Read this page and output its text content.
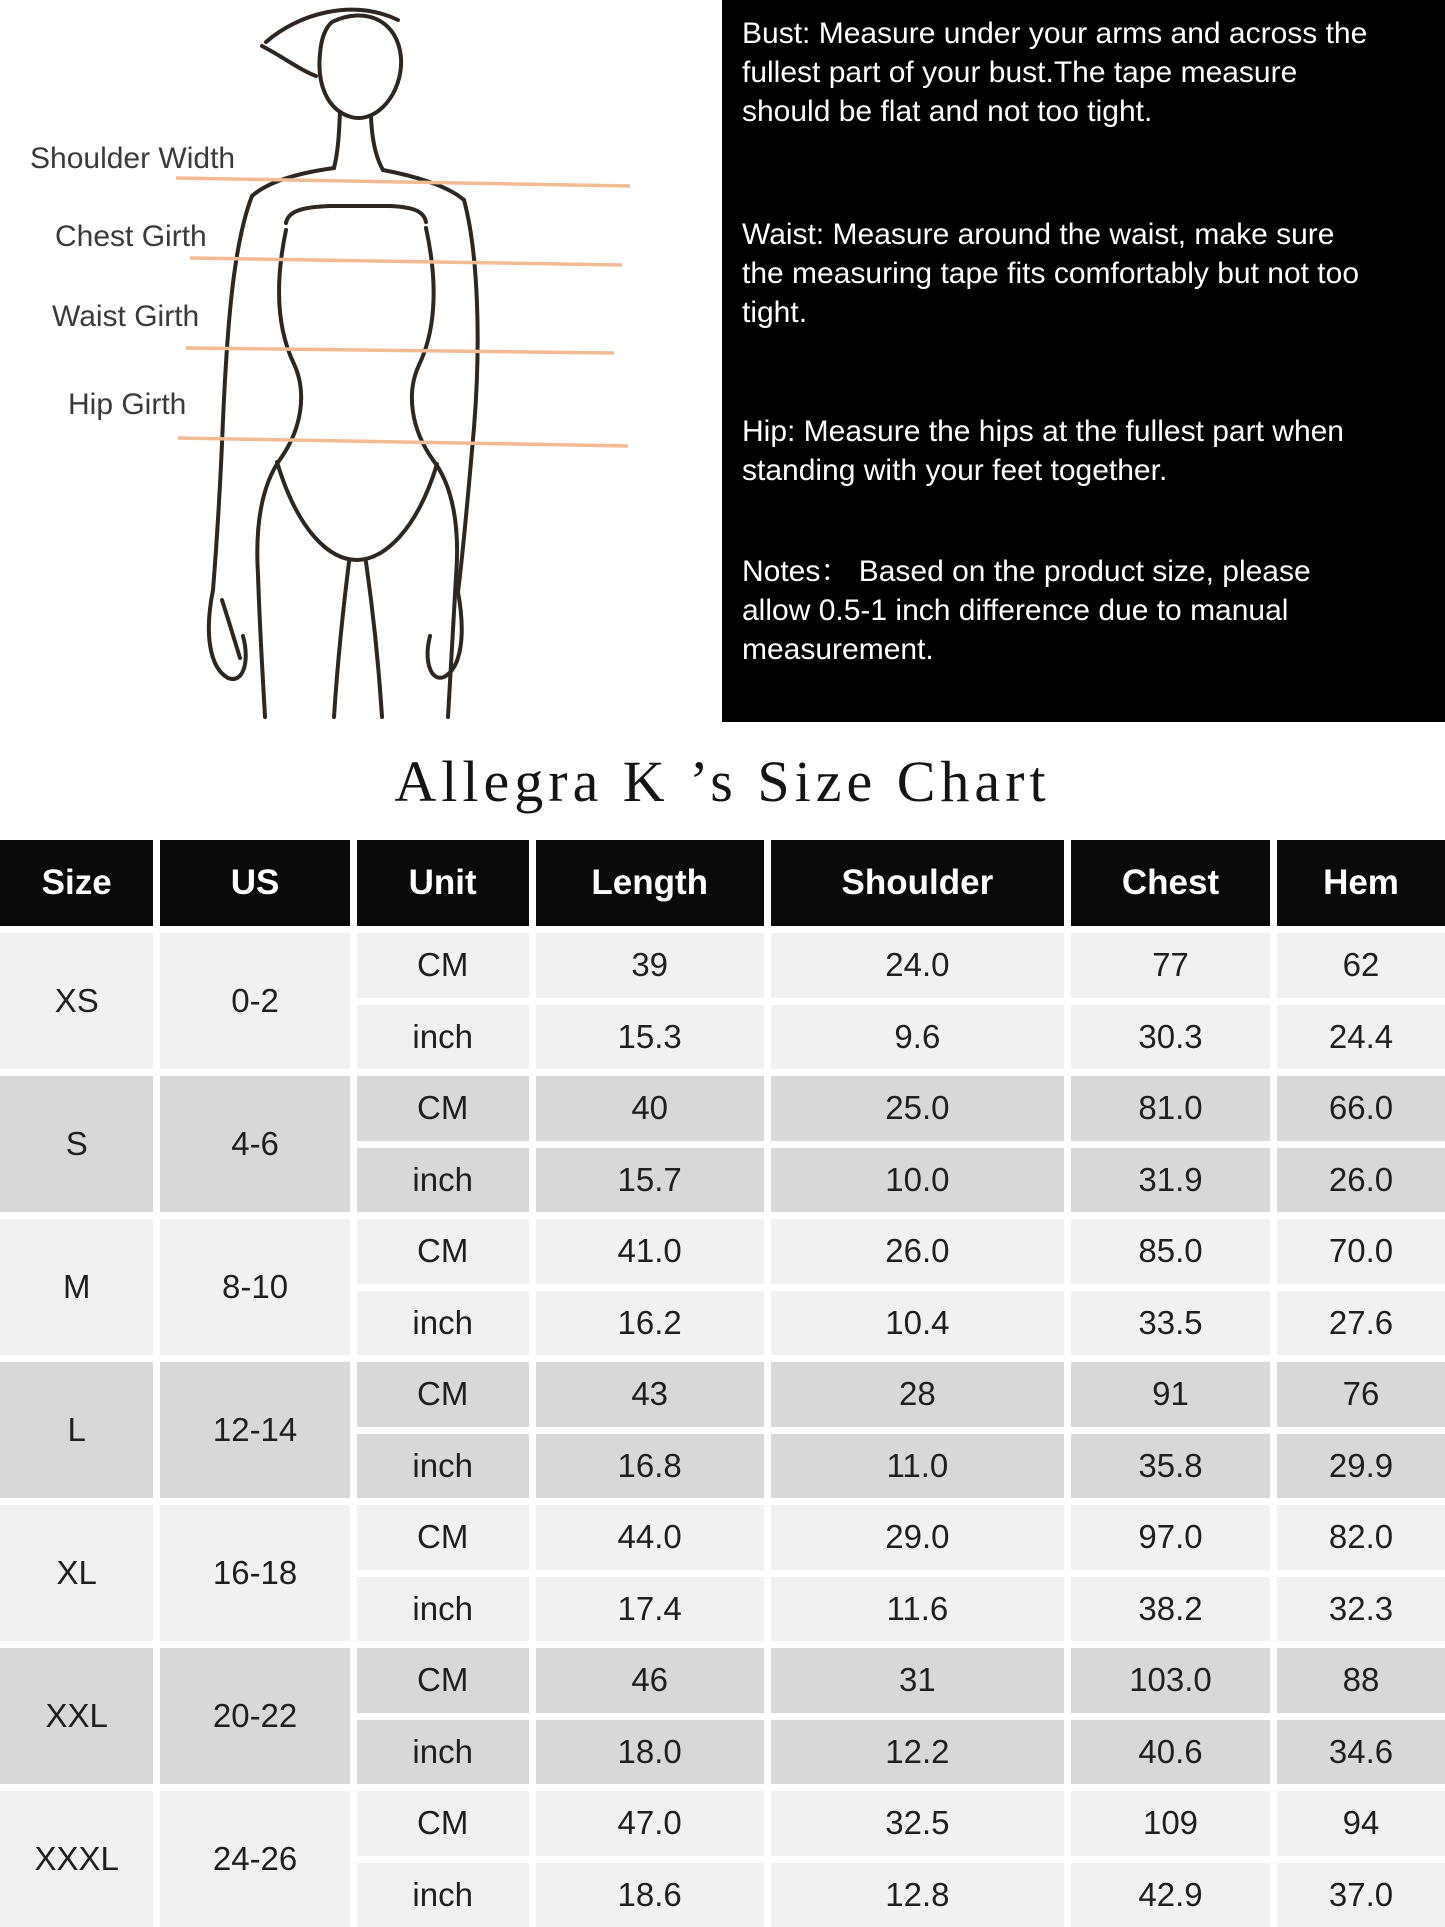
Shoulder Width
Chest Girth
Waist Girth
Hip Girth

Bust: Measure under your arms and across the fullest part of your bust.The tape measure should be flat and not too tight.

Waist: Measure around the waist, make sure the measuring tape fits comfortably but not too tight.

Hip: Measure the hips at the fullest part when standing with your feet together.

Notes： Based on the product size, please allow 0.5-1 inch difference due to manual measurement.

Allegra K ’s Size Chart
Size	US	Unit	Length	Shoulder	Chest	Hem
XS	0-2
CM	39	24.0	77	62
inch	15.3	9.6	30.3	24.4
S	4-6
CM	40	25.0	81.0	66.0
inch	15.7	10.0	31.9	26.0
M	8-10
CM	41.0	26.0	85.0	70.0
inch	16.2	10.4	33.5	27.6
L	12-14
CM	43	28	91	76
inch	16.8	11.0	35.8	29.9
XL	16-18
CM	44.0	29.0	97.0	82.0
inch	17.4	11.6	38.2	32.3
XXL	20-22
CM	46	31	103.0	88
inch	18.0	12.2	40.6	34.6
XXXL	24-26
CM	47.0	32.5	109	94
inch	18.6	12.8	42.9	37.0
